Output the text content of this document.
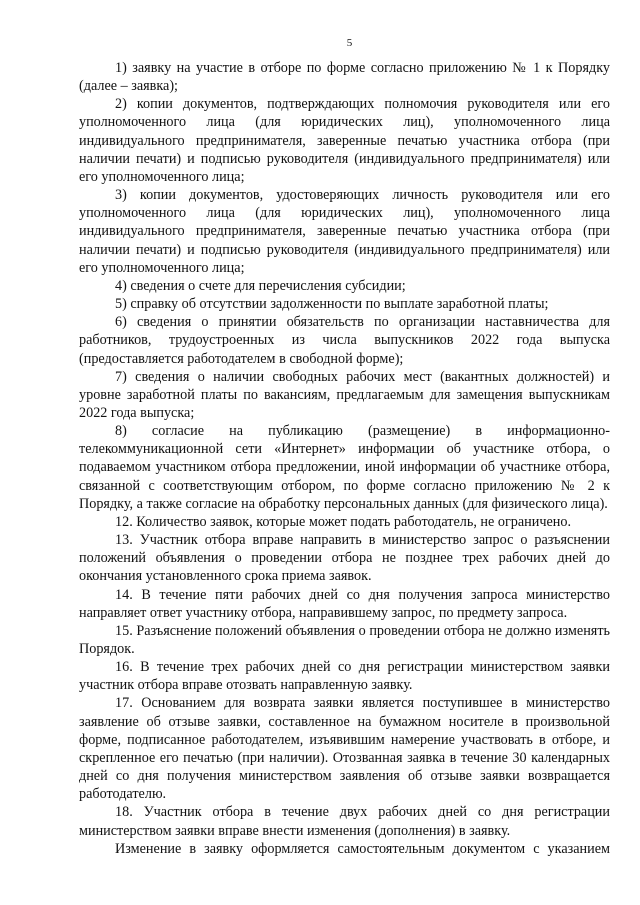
5

1) заявку на участие в отборе по форме согласно приложению № 1 к Порядку (далее – заявка);

2) копии документов, подтверждающих полномочия руководителя или его уполномоченного лица (для юридических лиц), уполномоченного лица индивидуального предпринимателя, заверенные печатью участника отбора (при наличии печати) и подписью руководителя (индивидуального предпринимателя) или его уполномоченного лица;

3) копии документов, удостоверяющих личность руководителя или его уполномоченного лица (для юридических лиц), уполномоченного лица индивидуального предпринимателя, заверенные печатью участника отбора (при наличии печати) и подписью руководителя (индивидуального предпринимателя) или его уполномоченного лица;

4) сведения о счете для перечисления субсидии;

5) справку об отсутствии задолженности по выплате заработной платы;

6) сведения о принятии обязательств по организации наставничества для работников, трудоустроенных из числа выпускников 2022 года выпуска (предоставляется работодателем в свободной форме);

7) сведения о наличии свободных рабочих мест (вакантных должностей) и уровне заработной платы по вакансиям, предлагаемым для замещения выпускникам 2022 года выпуска;

8) согласие на публикацию (размещение) в информационно-телекоммуникационной сети «Интернет» информации об участнике отбора, о подаваемом участником отбора предложении, иной информации об участнике отбора, связанной с соответствующим отбором, по форме согласно приложению № 2 к Порядку, а также согласие на обработку персональных данных (для физического лица).

12. Количество заявок, которые может подать работодатель, не ограничено.

13. Участник отбора вправе направить в министерство запрос о разъяснении положений объявления о проведении отбора не позднее трех рабочих дней до окончания установленного срока приема заявок.

14. В течение пяти рабочих дней со дня получения запроса министерство направляет ответ участнику отбора, направившему запрос, по предмету запроса.

15. Разъяснение положений объявления о проведении отбора не должно изменять Порядок.

16. В течение трех рабочих дней со дня регистрации министерством заявки участник отбора вправе отозвать направленную заявку.

17. Основанием для возврата заявки является поступившее в министерство заявление об отзыве заявки, составленное на бумажном носителе в произвольной форме, подписанное работодателем, изъявившим намерение участвовать в отборе, и скрепленное его печатью (при наличии). Отозванная заявка в течение 30 календарных дней со дня получения министерством заявления об отзыве заявки возвращается работодателю.

18. Участник отбора в течение двух рабочих дней со дня регистрации министерством заявки вправе внести изменения (дополнения) в заявку.

Изменение в заявку оформляется самостоятельным документом с указанием
